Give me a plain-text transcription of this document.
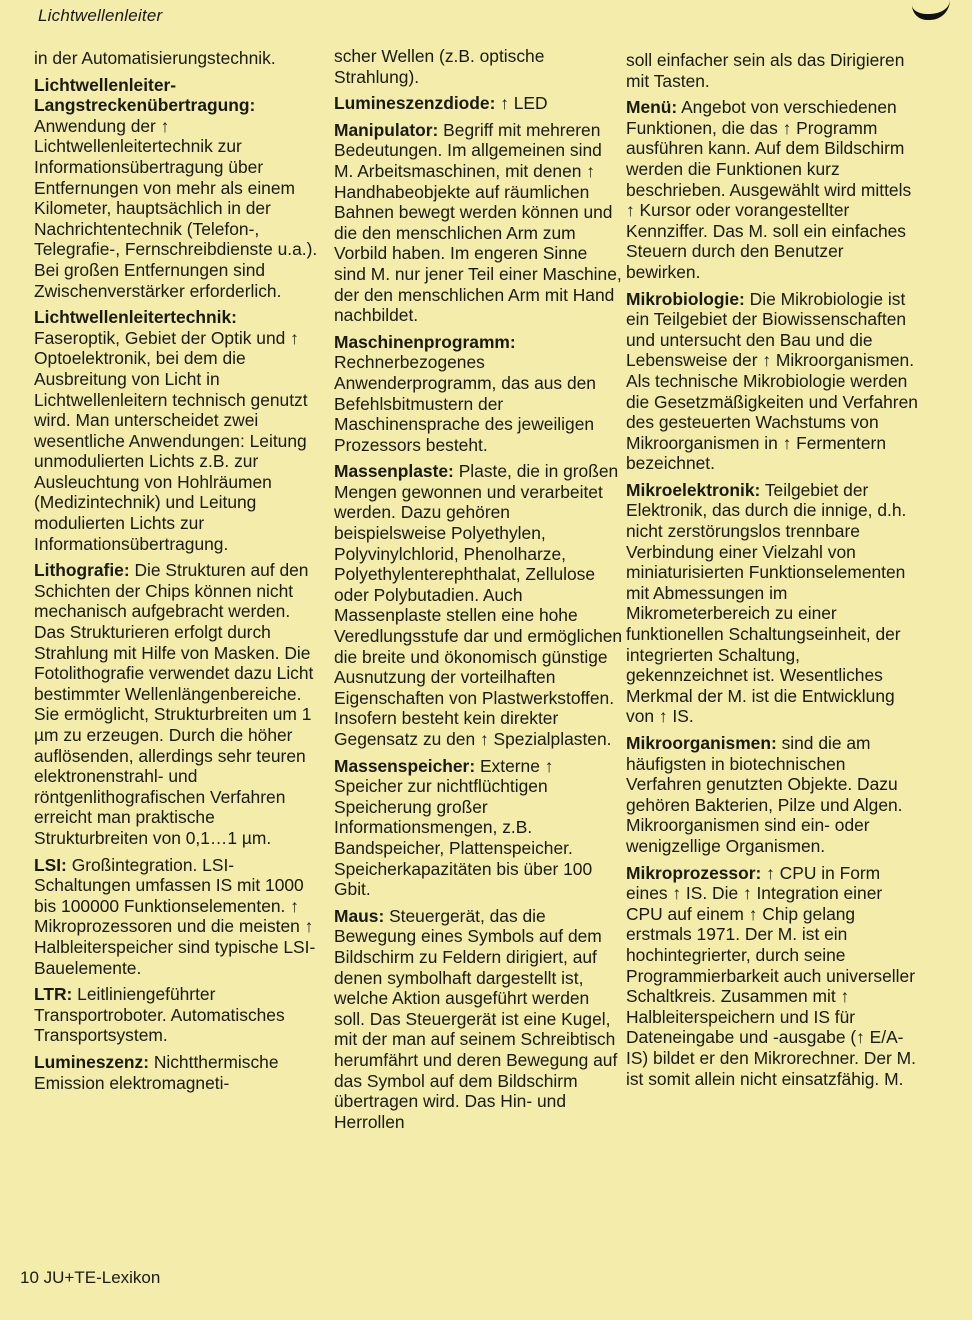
Lichtwellenleiter

in der Automatisierungstechnik.

Lichtwellenleiter-Langstreckenübertragung: Anwendung der ↑ Lichtwellenleitertechnik zur Informationsübertragung über Entfernungen von mehr als einem Kilometer, hauptsächlich in der Nachrichtentechnik (Telefon-, Telegrafie-, Fernschreibdienste u.a.). Bei großen Entfernungen sind Zwischenverstärker erforderlich.

Lichtwellenleitertechnik: Faseroptik, Gebiet der Optik und ↑ Optoelektronik, bei dem die Ausbreitung von Licht in Lichtwellenleitern technisch genutzt wird. Man unterscheidet zwei wesentliche Anwendungen: Leitung unmodulierten Lichts z.B. zur Ausleuchtung von Hohlräumen (Medizintechnik) und Leitung modulierten Lichts zur Informationsübertragung.

Lithografie: Die Strukturen auf den Schichten der Chips können nicht mechanisch aufgebracht werden. Das Strukturieren erfolgt durch Strahlung mit Hilfe von Masken. Die Fotolithografie verwendet dazu Licht bestimmter Wellenlängenbereiche. Sie ermöglicht, Strukturbreiten um 1 µm zu erzeugen. Durch die höher auflösenden, allerdings sehr teuren elektronenstrahl- und röntgenlithografischen Verfahren erreicht man praktische Strukturbreiten von 0,1…1 µm.

LSI: Großintegration. LSI-Schaltungen umfassen IS mit 1000 bis 100000 Funktionselementen. ↑ Mikroprozessoren und die meisten ↑ Halbleiterspeicher sind typische LSI-Bauelemente.

LTR: Leitliniengeführter Transportroboter. Automatisches Transportsystem.

Lumineszenz: Nichtthermische Emission elektromagneti-

scher Wellen (z.B. optische Strahlung).

Lumineszenzdiode: ↑ LED

Manipulator: Begriff mit mehreren Bedeutungen. Im allgemeinen sind M. Arbeitsmaschinen, mit denen ↑ Handhabeobjekte auf räumlichen Bahnen bewegt werden können und die den menschlichen Arm zum Vorbild haben. Im engeren Sinne sind M. nur jener Teil einer Maschine, der den menschlichen Arm mit Hand nachbildet.

Maschinenprogramm: Rechnerbezogenes Anwenderprogramm, das aus den Befehlsbitmustern der Maschinensprache des jeweiligen Prozessors besteht.

Massenplaste: Plaste, die in großen Mengen gewonnen und verarbeitet werden. Dazu gehören beispielsweise Polyethylen, Polyvinylchlorid, Phenolharze, Polyethylenterephthalat, Zellulose oder Polybutadien. Auch Massenplaste stellen eine hohe Veredlungsstufe dar und ermöglichen die breite und ökonomisch günstige Ausnutzung der vorteilhaften Eigenschaften von Plastwerkstoffen. Insofern besteht kein direkter Gegensatz zu den ↑ Spezialplasten.

Massenspeicher: Externe ↑ Speicher zur nichtflüchtigen Speicherung großer Informationsmengen, z.B. Bandspeicher, Plattenspeicher. Speicherkapazitäten bis über 100 Gbit.

Maus: Steuergerät, das die Bewegung eines Symbols auf dem Bildschirm zu Feldern dirigiert, auf denen symbolhaft dargestellt ist, welche Aktion ausgeführt werden soll. Das Steuergerät ist eine Kugel, mit der man auf seinem Schreibtisch herumfährt und deren Bewegung auf das Symbol auf dem Bildschirm übertragen wird. Das Hin- und Herrollen

soll einfacher sein als das Dirigieren mit Tasten.

Menü: Angebot von verschiedenen Funktionen, die das ↑ Programm ausführen kann. Auf dem Bildschirm werden die Funktionen kurz beschrieben. Ausgewählt wird mittels ↑ Kursor oder vorangestellter Kennziffer. Das M. soll ein einfaches Steuern durch den Benutzer bewirken.

Mikrobiologie: Die Mikrobiologie ist ein Teilgebiet der Biowissenschaften und untersucht den Bau und die Lebensweise der ↑ Mikroorganismen. Als technische Mikrobiologie werden die Gesetzmäßigkeiten und Verfahren des gesteuerten Wachstums von Mikroorganismen in ↑ Fermentern bezeichnet.

Mikroelektronik: Teilgebiet der Elektronik, das durch die innige, d.h. nicht zerstörungslos trennbare Verbindung einer Vielzahl von miniaturisierten Funktionselementen mit Abmessungen im Mikrometerbereich zu einer funktionellen Schaltungseinheit, der integrierten Schaltung, gekennzeichnet ist. Wesentliches Merkmal der M. ist die Entwicklung von ↑ IS.

Mikroorganismen: sind die am häufigsten in biotechnischen Verfahren genutzten Objekte. Dazu gehören Bakterien, Pilze und Algen. Mikroorganismen sind ein- oder wenigzellige Organismen.

Mikroprozessor: ↑ CPU in Form eines ↑ IS. Die ↑ Integration einer CPU auf einem ↑ Chip gelang erstmals 1971. Der M. ist ein hochintegrierter, durch seine Programmierbarkeit auch universeller Schaltkreis. Zusammen mit ↑ Halbleiterspeichern und IS für Dateneingabe und -ausgabe (↑ E/A-IS) bildet er den Mikrorechner. Der M. ist somit allein nicht einsatzfähig. M.

10 JU+TE-Lexikon
